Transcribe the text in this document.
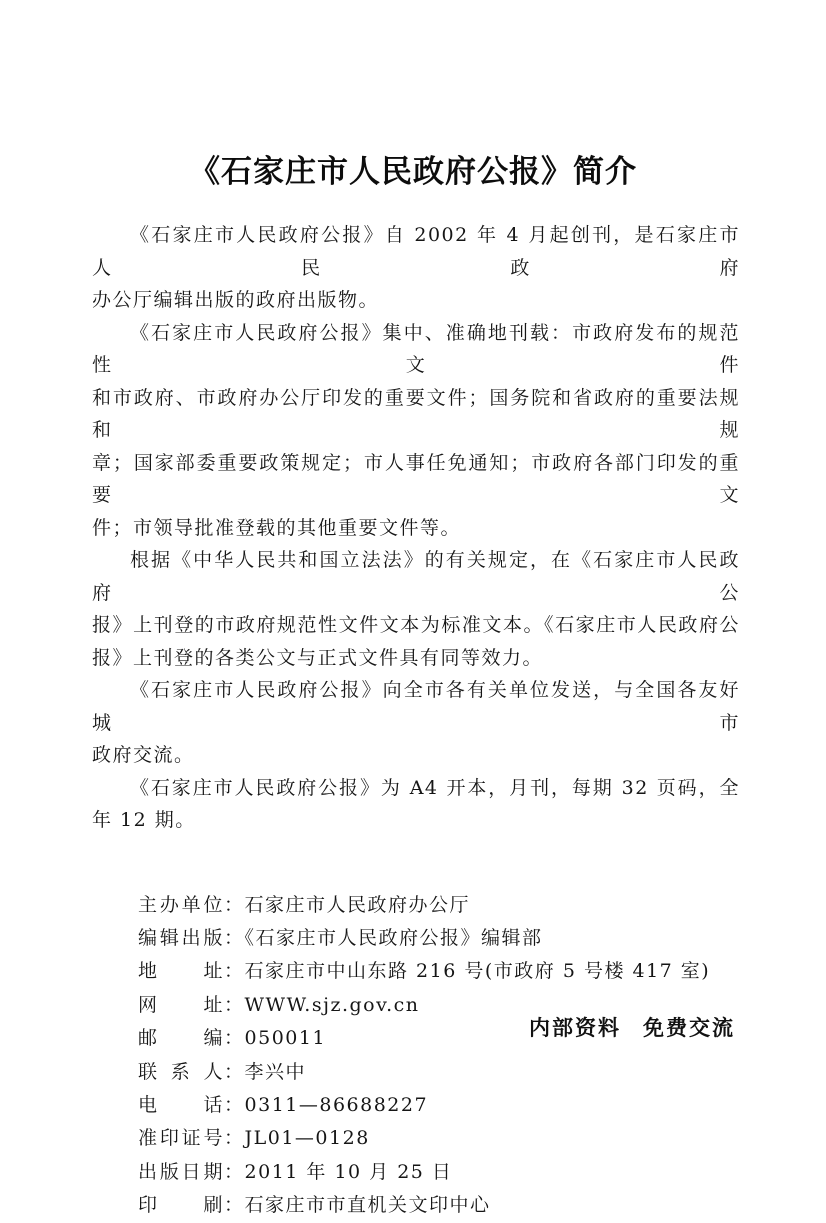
《石家庄市人民政府公报》简介
《石家庄市人民政府公报》自 2002 年 4 月起创刊，是石家庄市人民政府
办公厅编辑出版的政府出版物。
《石家庄市人民政府公报》集中、准确地刊载：市政府发布的规范性文件
和市政府、市政府办公厅印发的重要文件；国务院和省政府的重要法规和规
章；国家部委重要政策规定；市人事任免通知；市政府各部门印发的重要文
件；市领导批准登载的其他重要文件等。
根据《中华人民共和国立法法》的有关规定，在《石家庄市人民政府公
报》上刊登的市政府规范性文件文本为标准文本。《石家庄市人民政府公
报》上刊登的各类公文与正式文件具有同等效力。
《石家庄市人民政府公报》向全市各有关单位发送，与全国各友好城市
政府交流。
《石家庄市人民政府公报》为 A4 开本，月刊，每期 32 页码，全年 12 期。
主办单位：石家庄市人民政府办公厅
编辑出版：《石家庄市人民政府公报》编辑部
地址：石家庄市中山东路 216 号(市政府 5 号楼 417 室)
网址：WWW.sjz.gov.cn
邮编：050011
联系人：李兴中
电话：0311—86688227
准印证号：JL01—0128
出版日期：2011 年 10 月 25 日
印刷：石家庄市市直机关文印中心
内部资料 免费交流
